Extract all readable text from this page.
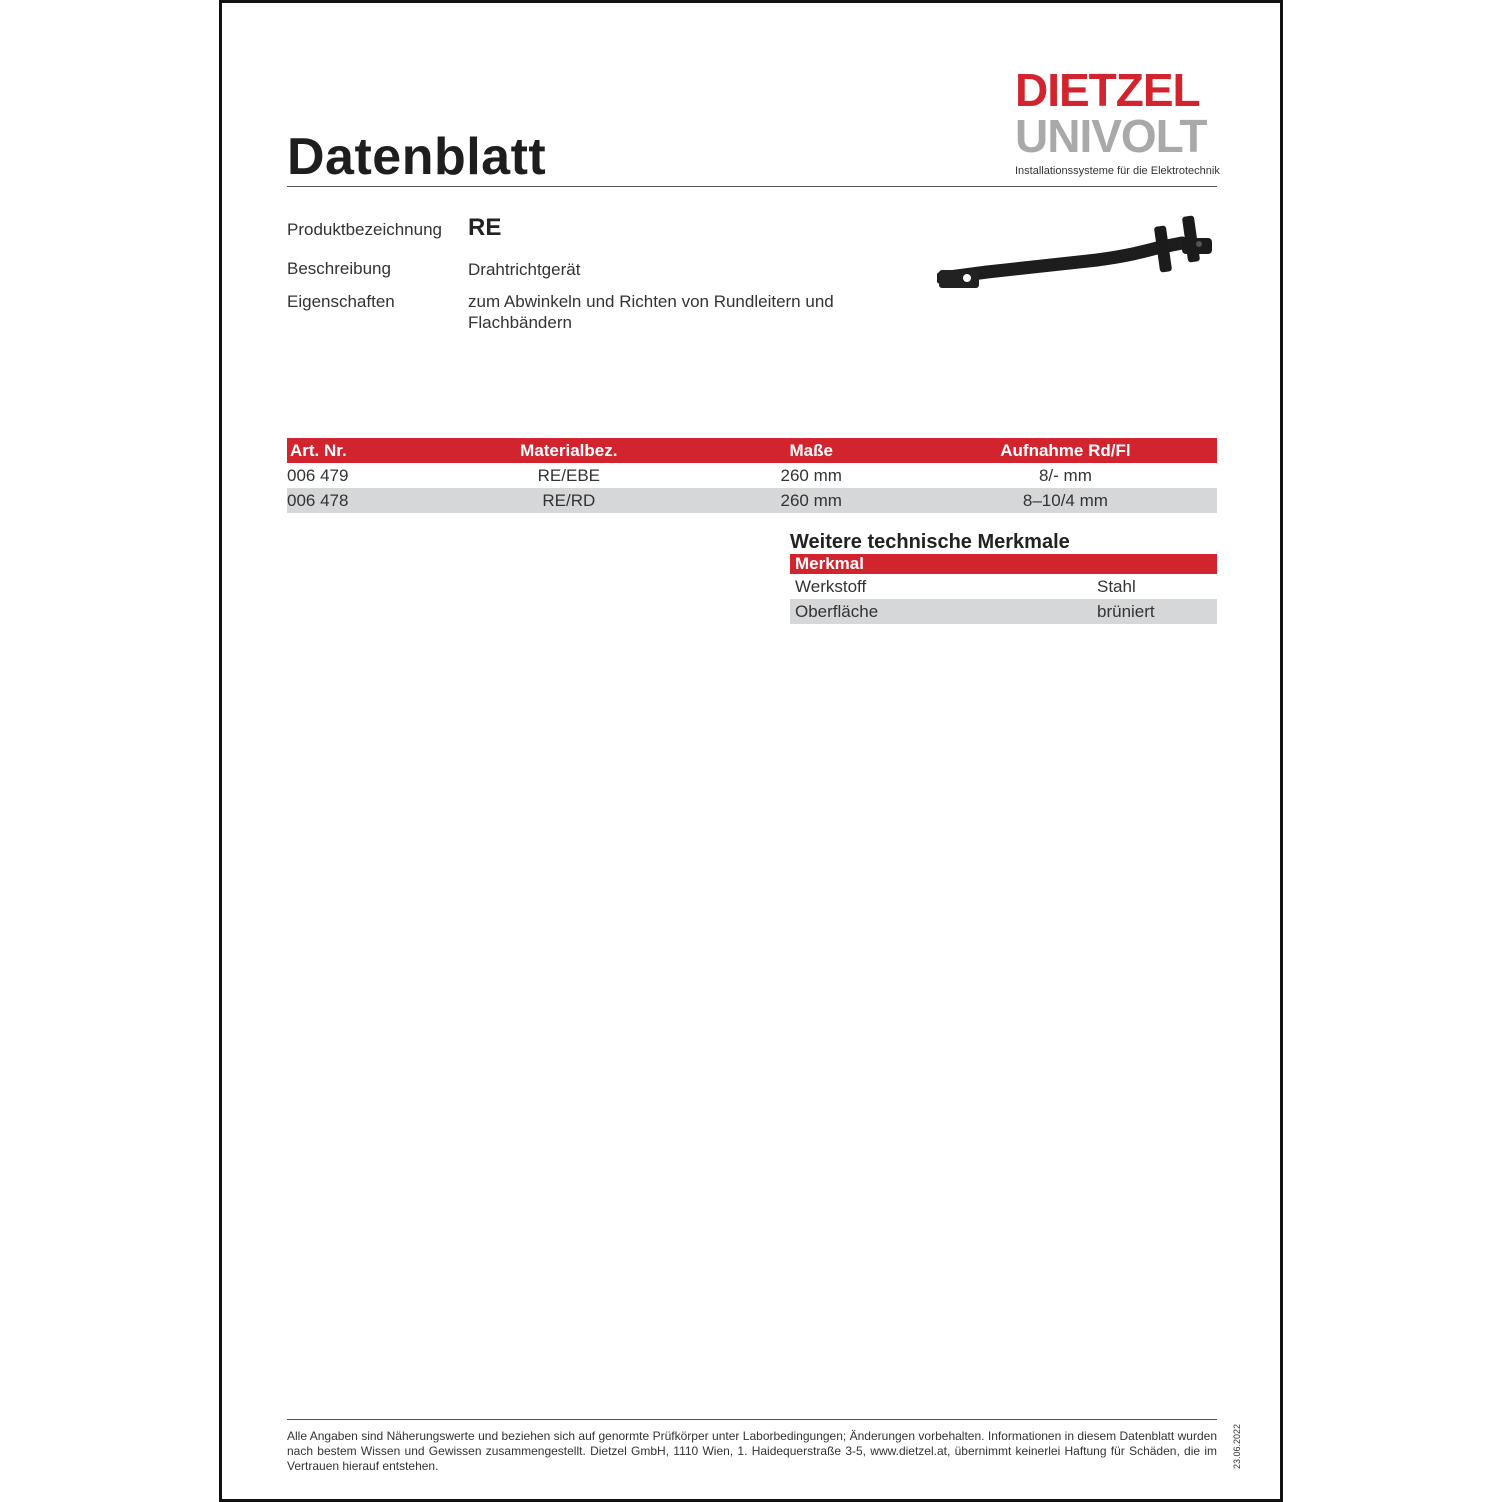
Datenblatt
DIETZEL
UNIVOLT
Installationssysteme für die Elektrotechnik
Produktbezeichnung RE
Beschreibung	Drahtrichtgerät
Eigenschaften	zum Abwinkeln und Richten von Rundleitern und Flachbändern
Art. Nr.	Materialbez.	Maße	Aufnahme Rd/Fl
006 479	RE/EBE	260 mm	8/- mm
006 478	RE/RD	260 mm	8–10/4 mm
Weitere technische Merkmale
Merkmal	
Werkstoff	Stahl
Oberfläche	brüniert
Alle Angaben sind Näherungswerte und beziehen sich auf genormte Prüfkörper unter Laborbedingungen; Änderungen vorbehalten. Informationen in diesem Datenblatt wurden nach bestem Wissen und Gewissen zusammengestellt. Dietzel GmbH, 1110 Wien, 1. Haidequerstraße 3-5, www.dietzel.at, übernimmt keinerlei Haftung für Schäden, die im Vertrauen hierauf entstehen.	23.06.2022
